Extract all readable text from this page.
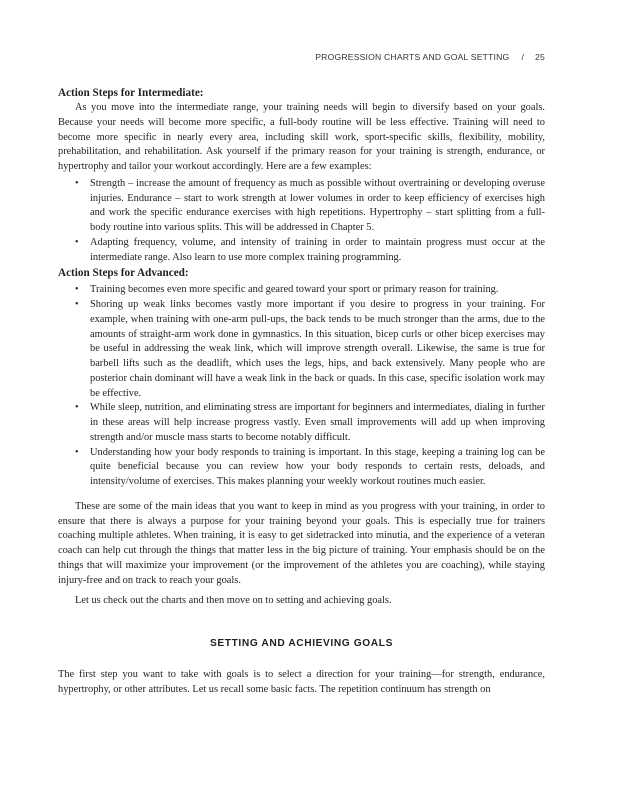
PROGRESSION CHARTS AND GOAL SETTING / 25
Action Steps for Intermediate:

As you move into the intermediate range, your training needs will begin to diversify based on your goals. Because your needs will become more specific, a full-body routine will be less effective. Training will need to become more specific in nearly every area, including skill work, sport-specific skills, flexibility, mobility, prehabilitation, and rehabilitation. Ask yourself if the primary reason for your training is strength, endurance, or hypertrophy and tailor your workout accordingly. Here are a few examples:

• Strength – increase the amount of frequency as much as possible without overtraining or developing overuse injuries. Endurance – start to work strength at lower volumes in order to keep efficiency of exercises high and work the specific endurance exercises with high repetitions. Hypertrophy – start splitting from a full-body routine into various splits. This will be addressed in Chapter 5.
• Adapting frequency, volume, and intensity of training in order to maintain progress must occur at the intermediate range. Also learn to use more complex training programming.
Action Steps for Advanced:
• Training becomes even more specific and geared toward your sport or primary reason for training.
• Shoring up weak links becomes vastly more important if you desire to progress in your training. For example, when training with one-arm pull-ups, the back tends to be much stronger than the arms, due to the amounts of straight-arm work done in gymnastics. In this situation, bicep curls or other bicep exercises may be useful in addressing the weak link, which will improve strength overall. Likewise, the same is true for barbell lifts such as the deadlift, which uses the legs, hips, and back extensively. Many people who are posterior chain dominant will have a weak link in the back or quads. In this case, specific isolation work may be effective.
• While sleep, nutrition, and eliminating stress are important for beginners and intermediates, dialing in further in these areas will help increase progress vastly. Even small improvements will add up when improving strength and/or muscle mass starts to become notably difficult.
• Understanding how your body responds to training is important. In this stage, keeping a training log can be quite beneficial because you can review how your body responds to certain rests, deloads, and intensity/volume of exercises. This makes planning your weekly workout routines much easier.

These are some of the main ideas that you want to keep in mind as you progress with your training, in order to ensure that there is always a purpose for your training beyond your goals. This is especially true for trainers coaching multiple athletes. When training, it is easy to get sidetracked into minutia, and the experience of a veteran coach can help cut through the things that matter less in the big picture of training. Your emphasis should be on the things that will maximize your improvement (or the improvement of the athletes you are coaching), while staying injury-free and on track to reach your goals.

Let us check out the charts and then move on to setting and achieving goals.

SETTING AND ACHIEVING GOALS

The first step you want to take with goals is to select a direction for your training—for strength, endurance, hypertrophy, or other attributes. Let us recall some basic facts. The repetition continuum has strength on
